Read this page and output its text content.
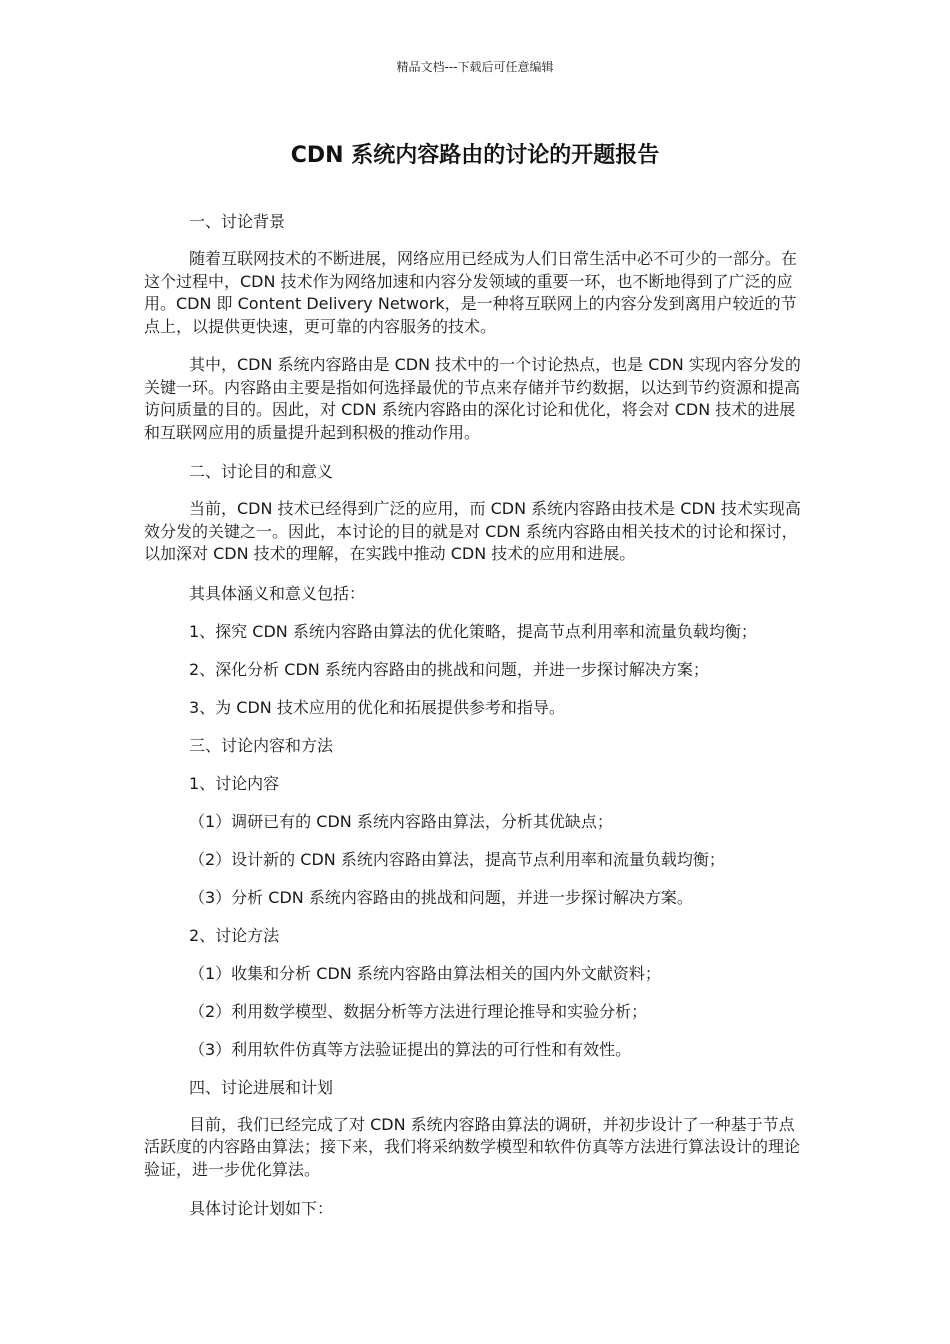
精品文档---下载后可任意编辑
CDN 系统内容路由的讨论的开题报告

一、讨论背景

随着互联网技术的不断进展，网络应用已经成为人们日常生活中必不可少的一部分。在这个过程中，CDN 技术作为网络加速和内容分发领域的重要一环，也不断地得到了广泛的应用。CDN 即 Content Delivery Network，是一种将互联网上的内容分发到离用户较近的节点上，以提供更快速，更可靠的内容服务的技术。

其中，CDN 系统内容路由是 CDN 技术中的一个讨论热点，也是 CDN 实现内容分发的关键一环。内容路由主要是指如何选择最优的节点来存储并节约数据，以达到节约资源和提高访问质量的目的。因此，对 CDN 系统内容路由的深化讨论和优化，将会对 CDN 技术的进展和互联网应用的质量提升起到积极的推动作用。

二、讨论目的和意义

当前，CDN 技术已经得到广泛的应用，而 CDN 系统内容路由技术是 CDN 技术实现高效分发的关键之一。因此，本讨论的目的就是对 CDN 系统内容路由相关技术的讨论和探讨，以加深对 CDN 技术的理解，在实践中推动 CDN 技术的应用和进展。

其具体涵义和意义包括：

1、探究 CDN 系统内容路由算法的优化策略，提高节点利用率和流量负载均衡；

2、深化分析 CDN 系统内容路由的挑战和问题，并进一步探讨解决方案；

3、为 CDN 技术应用的优化和拓展提供参考和指导。

三、讨论内容和方法

1、讨论内容

（1）调研已有的 CDN 系统内容路由算法，分析其优缺点；

（2）设计新的 CDN 系统内容路由算法，提高节点利用率和流量负载均衡；

（3）分析 CDN 系统内容路由的挑战和问题，并进一步探讨解决方案。

2、讨论方法

（1）收集和分析 CDN 系统内容路由算法相关的国内外文献资料；

（2）利用数学模型、数据分析等方法进行理论推导和实验分析；

（3）利用软件仿真等方法验证提出的算法的可行性和有效性。

四、讨论进展和计划

目前，我们已经完成了对 CDN 系统内容路由算法的调研，并初步设计了一种基于节点活跃度的内容路由算法；接下来，我们将采纳数学模型和软件仿真等方法进行算法设计的理论验证，进一步优化算法。

具体讨论计划如下：
